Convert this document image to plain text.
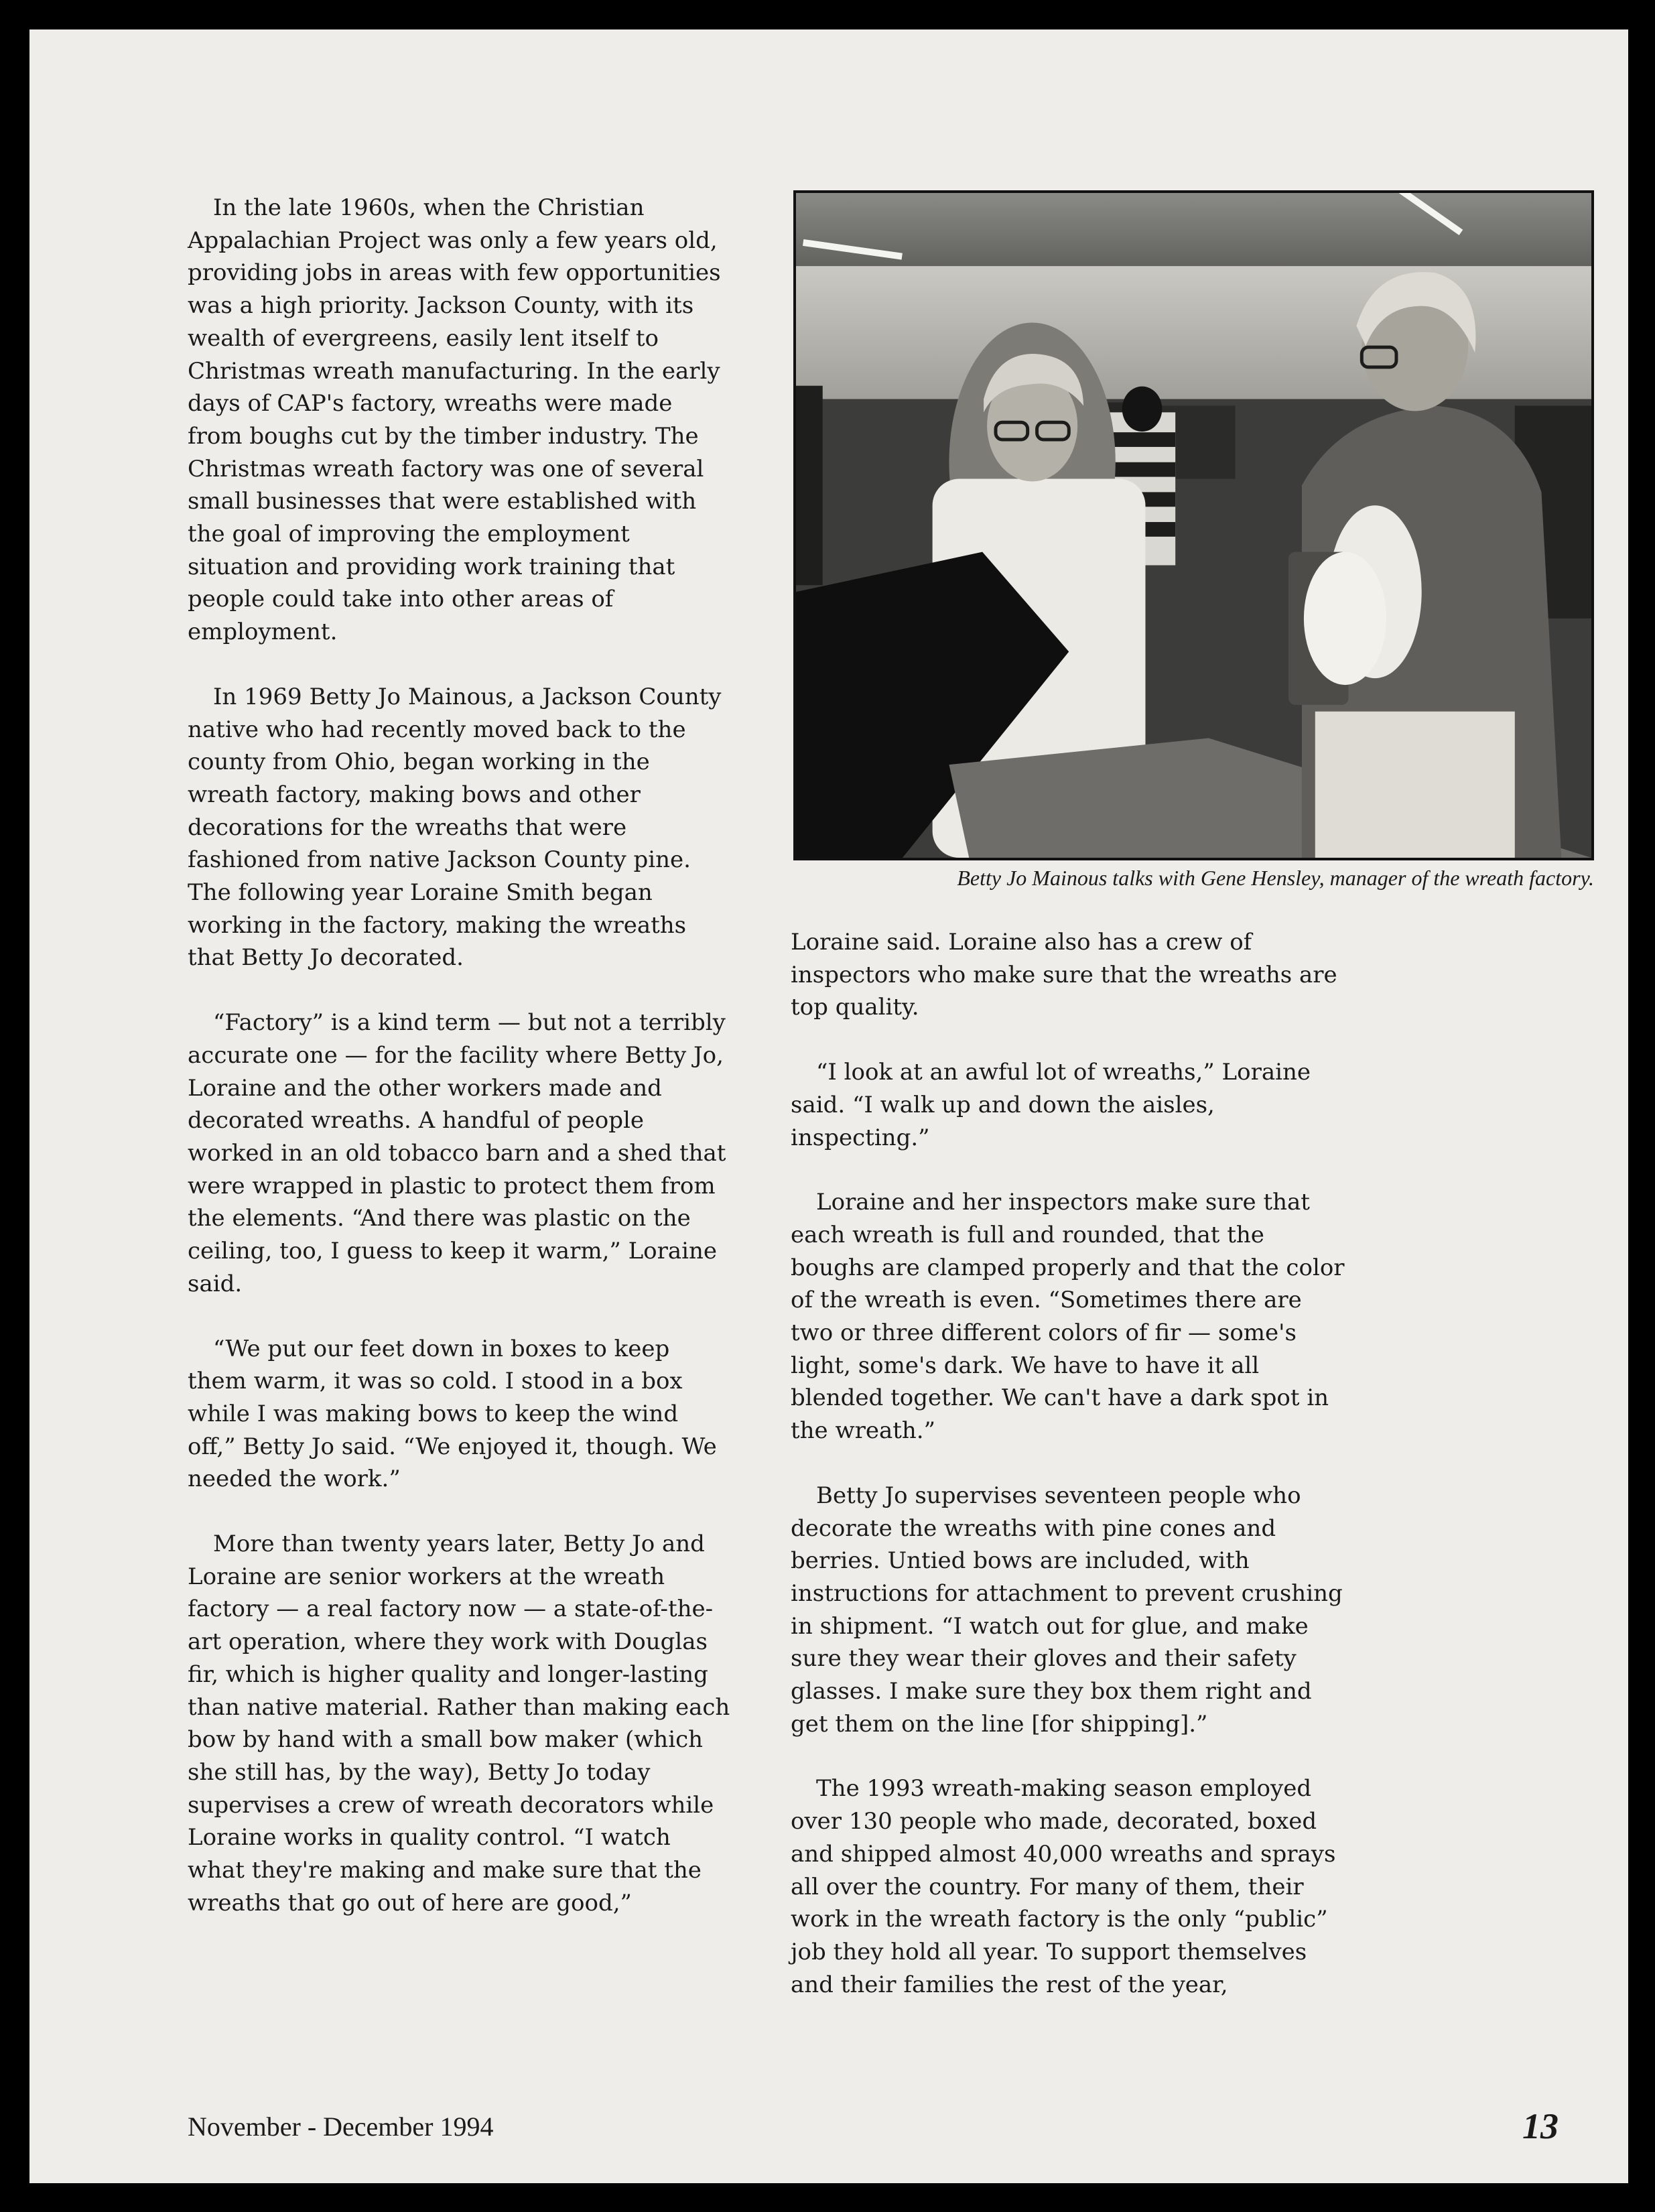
In the late 1960s, when the Christian Appalachian Project was only a few years old, providing jobs in areas with few opportunities was a high priority. Jackson County, with its wealth of evergreens, easily lent itself to Christmas wreath manufacturing. In the early days of CAP's factory, wreaths were made from boughs cut by the timber industry. The Christmas wreath factory was one of several small businesses that were established with the goal of improving the employment situation and providing work training that people could take into other areas of employment.

In 1969 Betty Jo Mainous, a Jackson County native who had recently moved back to the county from Ohio, began working in the wreath factory, making bows and other decorations for the wreaths that were fashioned from native Jackson County pine. The following year Loraine Smith began working in the factory, making the wreaths that Betty Jo decorated.

“Factory” is a kind term — but not a terribly accurate one — for the facility where Betty Jo, Loraine and the other workers made and decorated wreaths. A handful of people worked in an old tobacco barn and a shed that were wrapped in plastic to protect them from the elements. “And there was plastic on the ceiling, too, I guess to keep it warm,” Loraine said.

“We put our feet down in boxes to keep them warm, it was so cold. I stood in a box while I was making bows to keep the wind off,” Betty Jo said. “We enjoyed it, though. We needed the work.”

More than twenty years later, Betty Jo and Loraine are senior workers at the wreath factory — a real factory now — a state-of-the-art operation, where they work with Douglas fir, which is higher quality and longer-lasting than native material. Rather than making each bow by hand with a small bow maker (which she still has, by the way), Betty Jo today supervises a crew of wreath decorators while Loraine works in quality control. “I watch what they're making and make sure that the wreaths that go out of here are good,”

Betty Jo Mainous talks with Gene Hensley, manager of the wreath factory.

Loraine said. Loraine also has a crew of inspectors who make sure that the wreaths are top quality.

“I look at an awful lot of wreaths,” Loraine said. “I walk up and down the aisles, inspecting.”

Loraine and her inspectors make sure that each wreath is full and rounded, that the boughs are clamped properly and that the color of the wreath is even. “Sometimes there are two or three different colors of fir — some's light, some's dark. We have to have it all blended together. We can't have a dark spot in the wreath.”

Betty Jo supervises seventeen people who decorate the wreaths with pine cones and berries. Untied bows are included, with instructions for attachment to prevent crushing in shipment. “I watch out for glue, and make sure they wear their gloves and their safety glasses. I make sure they box them right and get them on the line [for shipping].”

The 1993 wreath-making season employed over 130 people who made, decorated, boxed and shipped almost 40,000 wreaths and sprays all over the country. For many of them, their work in the wreath factory is the only “public” job they hold all year. To support themselves and their families the rest of the year,

November - December 1994	13
